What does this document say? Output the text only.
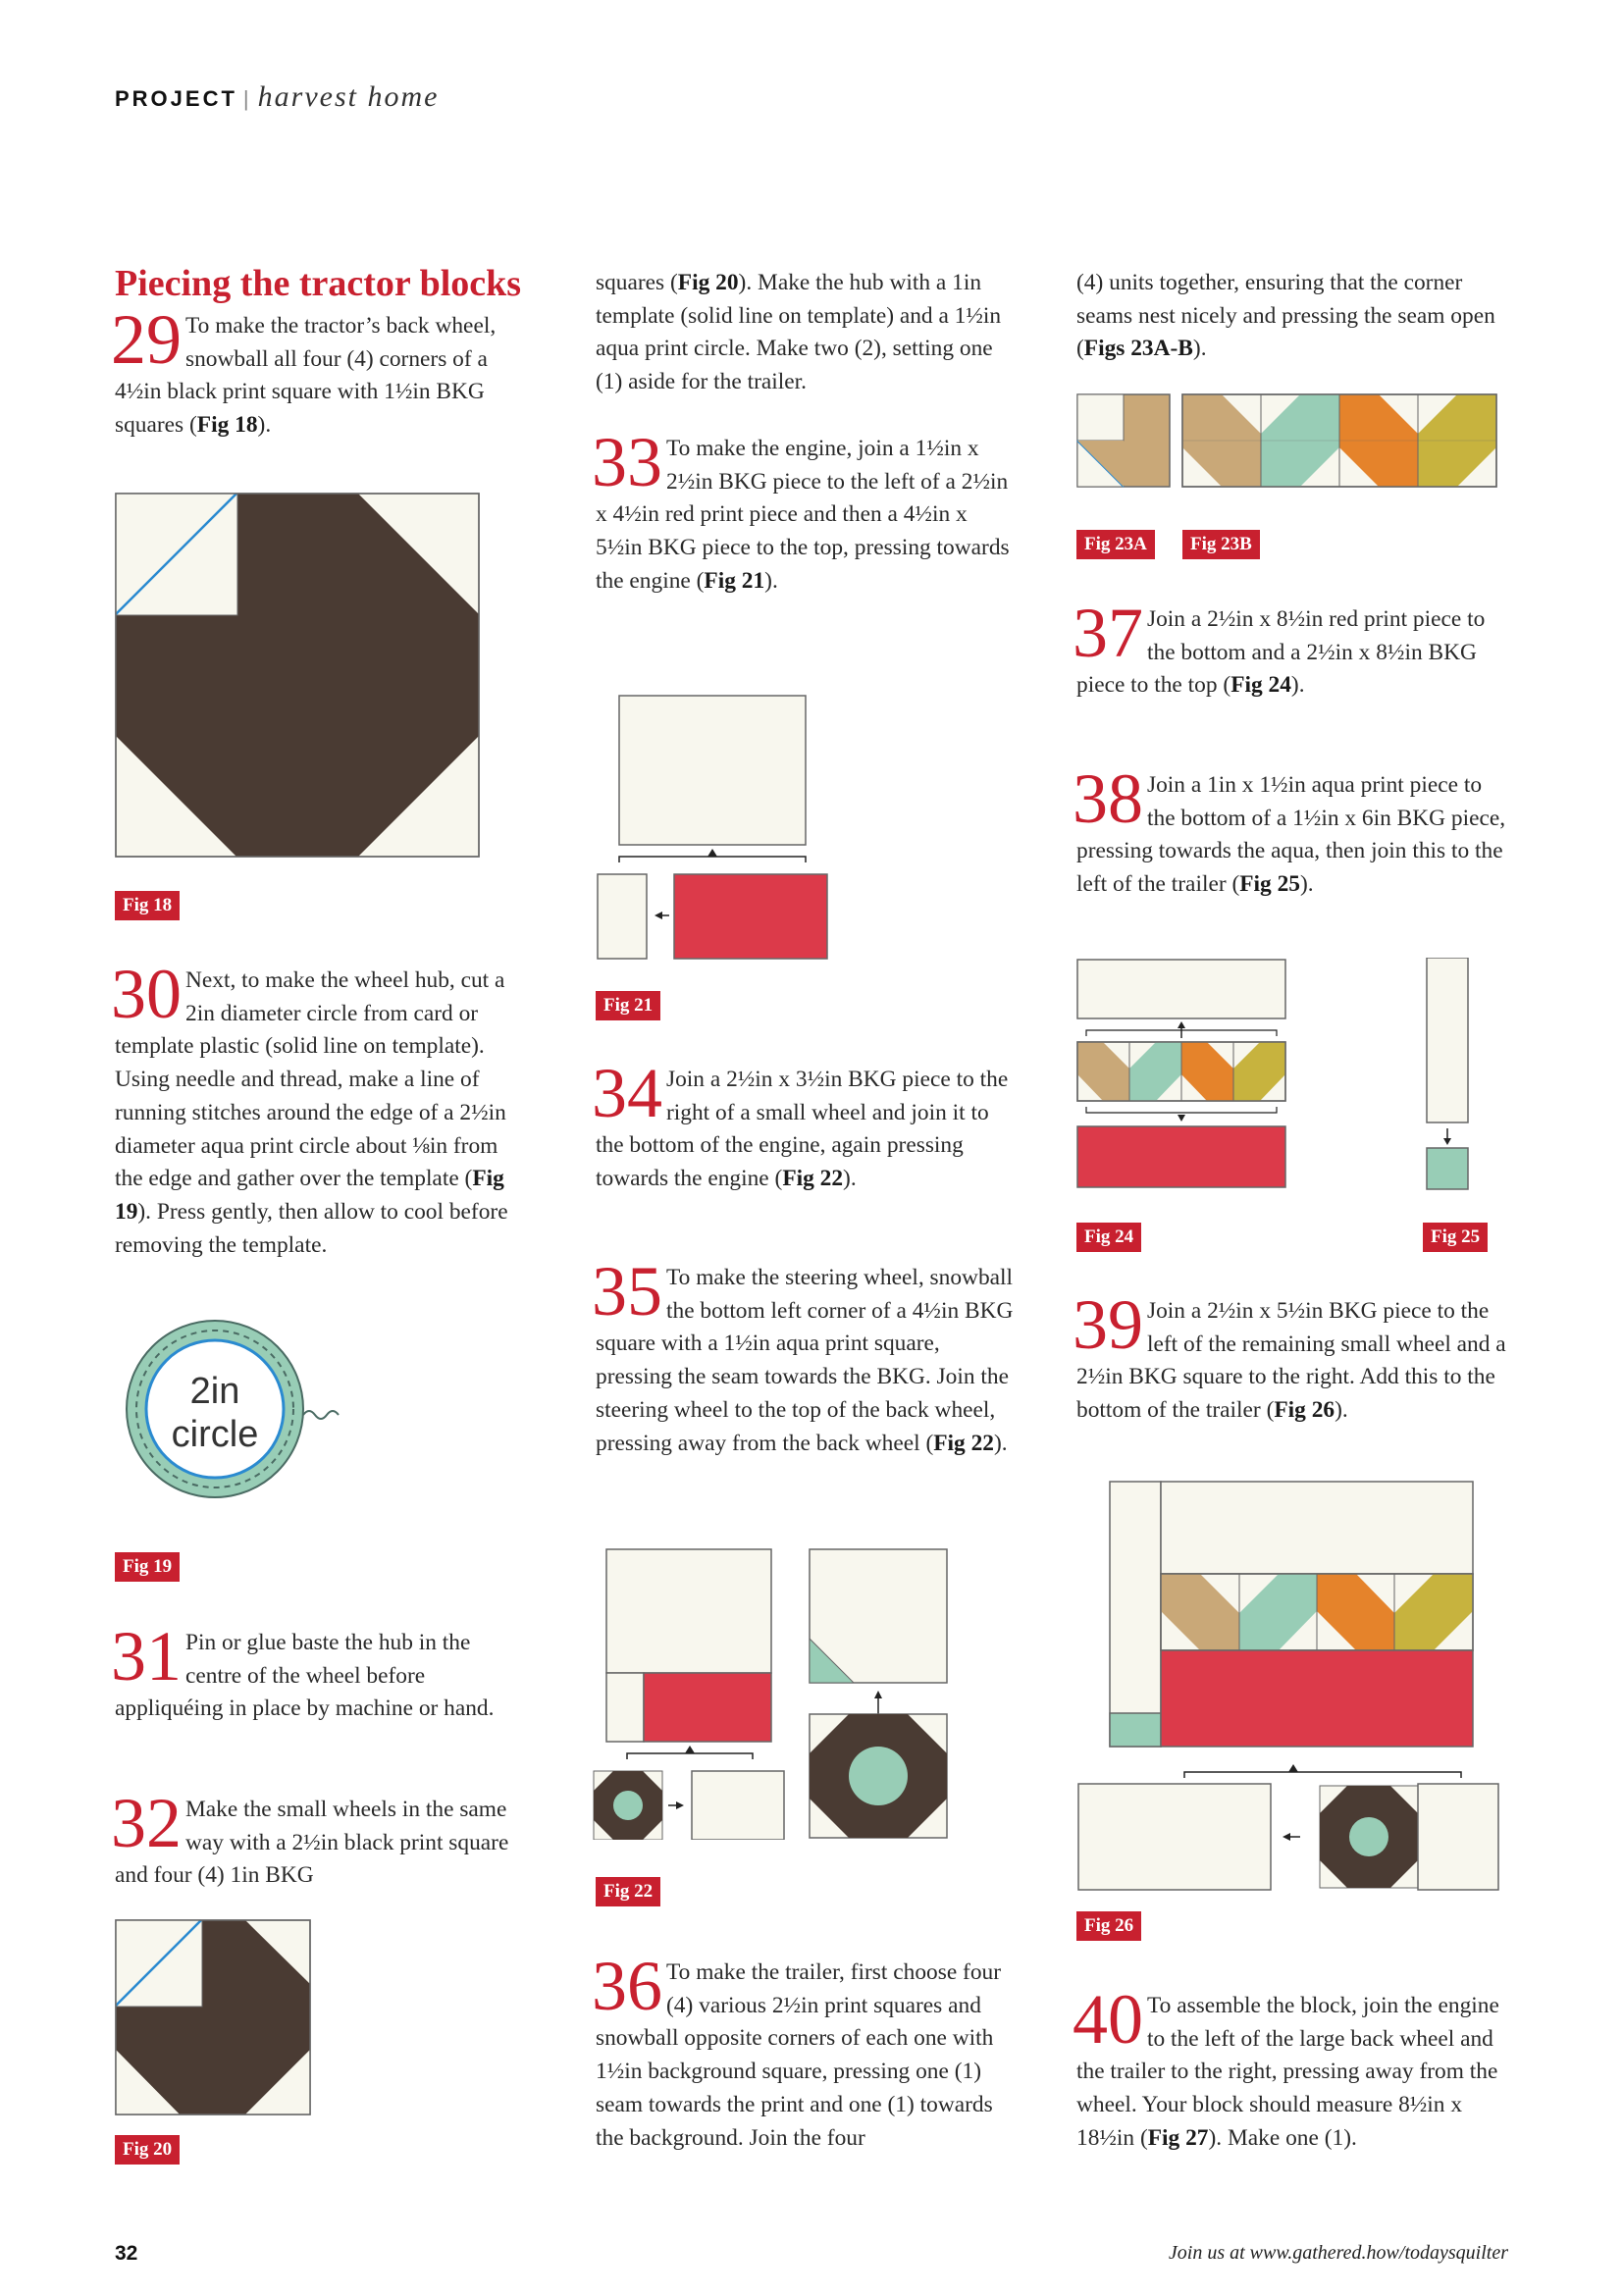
PROJECT | harvest home
Piecing the tractor blocks

29 To make the tractor’s back wheel, snowball all four (4) corners of a 4½in black print square with 1½in BKG squares (Fig 18).

Fig 18

30 Next, to make the wheel hub, cut a 2in diameter circle from card or template plastic (solid line on template). Using needle and thread, make a line of running stitches around the edge of a 2½in diameter aqua print circle about ⅛in from the edge and gather over the template (Fig 19). Press gently, then allow to cool before removing the template.

2in
circle
Fig 19

31 Pin or glue baste the hub in the centre of the wheel before appliquéing in place by machine or hand.

32 Make the small wheels in the same way with a 2½in black print square and four (4) 1in BKG

Fig 20

squares (Fig 20). Make the hub with a 1in template (solid line on template) and a 1½in aqua print circle. Make two (2), setting one (1) aside for the trailer.

33 To make the engine, join a 1½in x 2½in BKG piece to the left of a 2½in x 4½in red print piece and then a 4½in x 5½in BKG piece to the top, pressing towards the engine (Fig 21).

Fig 21

34 Join a 2½in x 3½in BKG piece to the right of a small wheel and join it to the bottom of the engine, again pressing towards the engine (Fig 22).

35 To make the steering wheel, snowball the bottom left corner of a 4½in BKG square with a 1½in aqua print square, pressing the seam towards the BKG. Join the steering wheel to the top of the back wheel, pressing away from the back wheel (Fig 22).

Fig 22

36 To make the trailer, first choose four (4) various 2½in print squares and snowball opposite corners of each one with 1½in background square, pressing one (1) seam towards the print and one (1) towards the background. Join the four

(4) units together, ensuring that the corner seams nest nicely and pressing the seam open (Figs 23A-B).

Fig 23A	Fig 23B

37 Join a 2½in x 8½in red print piece to the bottom and a 2½in x 8½in BKG piece to the top (Fig 24).

38 Join a 1in x 1½in aqua print piece to the bottom of a 1½in x 6in BKG piece, pressing towards the aqua, then join this to the left of the trailer (Fig 25).

Fig 24	Fig 25

39 Join a 2½in x 5½in BKG piece to the left of the remaining small wheel and a 2½in BKG square to the right. Add this to the bottom of the trailer (Fig 26).

Fig 26

40 To assemble the block, join the engine to the left of the large back wheel and the trailer to the right, pressing away from the wheel. Your block should measure 8½in x 18½in (Fig 27). Make one (1).

32	Join us at www.gathered.how/todaysquilter
